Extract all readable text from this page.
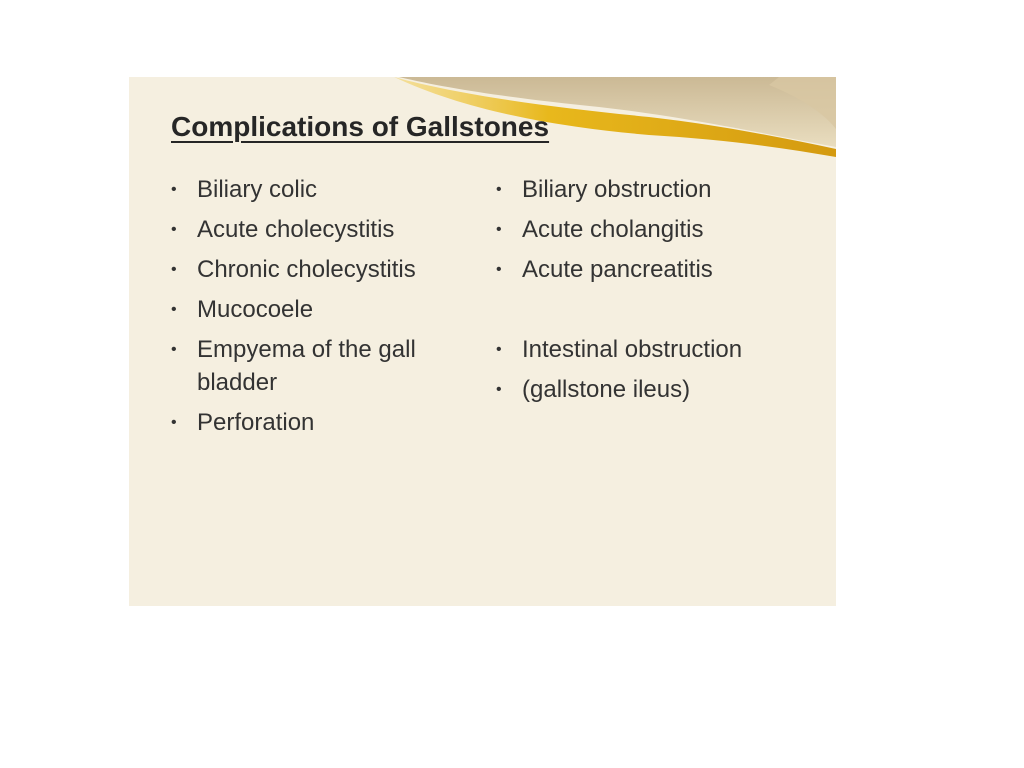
Complications of Gallstones
• Biliary colic
• Acute cholecystitis
• Chronic cholecystitis
• Mucocoele
• Empyema of the gall bladder
• Perforation
• Biliary obstruction
• Acute cholangitis
• Acute pancreatitis
• Intestinal obstruction
• (gallstone ileus)
